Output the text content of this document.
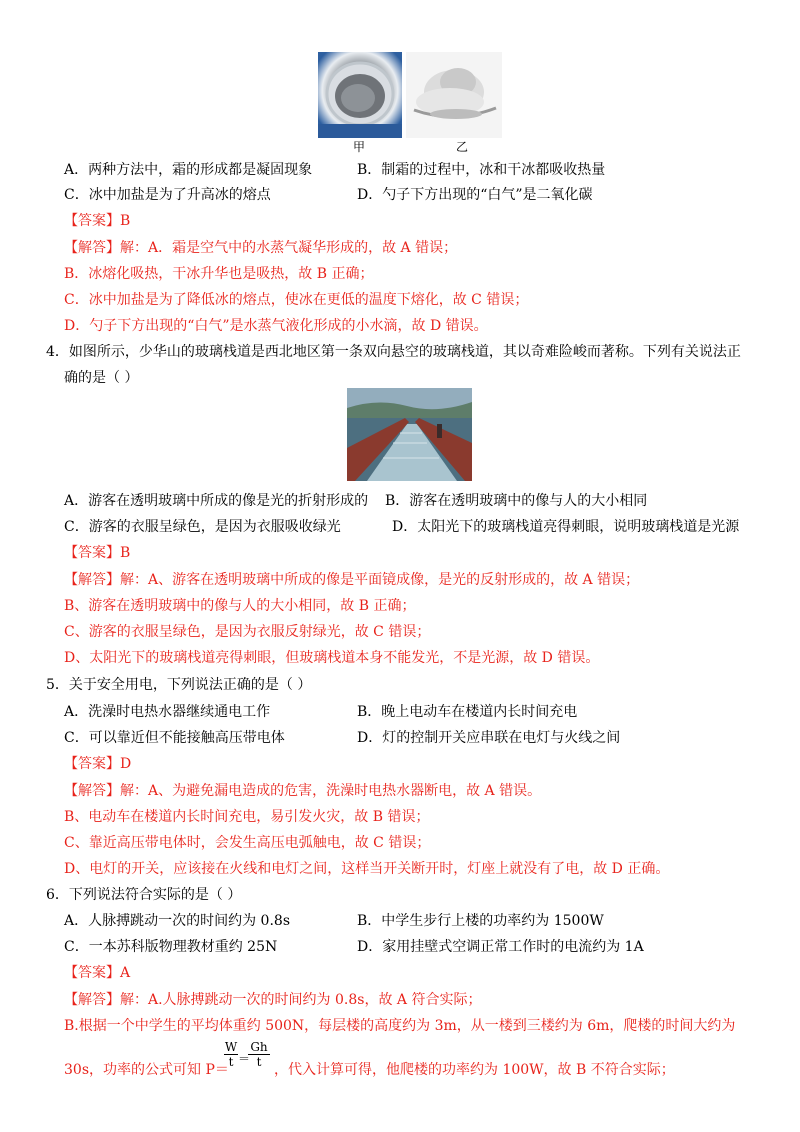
甲	乙
A．两种方法中，霜的形成都是凝固现象	B．制霜的过程中，冰和干冰都吸收热量
C．冰中加盐是为了升高冰的熔点	D．勺子下方出现的“白气”是二氧化碳
【答案】B
【解答】解：A．霜是空气中的水蒸气凝华形成的，故 A 错误；
B．冰熔化吸热，干冰升华也是吸热，故 B 正确；
C．冰中加盐是为了降低冰的熔点，使冰在更低的温度下熔化，故 C 错误；
D．勺子下方出现的“白气”是水蒸气液化形成的小水滴，故 D 错误。
4．如图所示，少华山的玻璃栈道是西北地区第一条双向悬空的玻璃栈道，其以奇难险峻而著称。下列有关说法正
确的是（ ）
A．游客在透明玻璃中所成的像是光的折射形成的 B．游客在透明玻璃中的像与人的大小相同
C．游客的衣服呈绿色，是因为衣服吸收绿光	D．太阳光下的玻璃栈道亮得刺眼，说明玻璃栈道是光源
【答案】B
【解答】解：A、游客在透明玻璃中所成的像是平面镜成像，是光的反射形成的，故 A 错误；
B、游客在透明玻璃中的像与人的大小相同，故 B 正确；
C、游客的衣服呈绿色，是因为衣服反射绿光，故 C 错误；
D、太阳光下的玻璃栈道亮得刺眼，但玻璃栈道本身不能发光，不是光源，故 D 错误。
5．关于安全用电，下列说法正确的是（ ）
A．洗澡时电热水器继续通电工作	B．晚上电动车在楼道内长时间充电
C．可以靠近但不能接触高压带电体	D．灯的控制开关应串联在电灯与火线之间
【答案】D
【解答】解：A、为避免漏电造成的危害，洗澡时电热水器断电，故 A 错误。
B、电动车在楼道内长时间充电，易引发火灾，故 B 错误；
C、靠近高压带电体时，会发生高压电弧触电，故 C 错误；
D、电灯的开关，应该接在火线和电灯之间，这样当开关断开时，灯座上就没有了电，故 D 正确。
6．下列说法符合实际的是（ ）
A．人脉搏跳动一次的时间约为 0.8s	B．中学生步行上楼的功率约为 1500W
C．一本苏科版物理教材重约 25N	D．家用挂壁式空调正常工作时的电流约为 1A
【答案】A
【解答】解：A.人脉搏跳动一次的时间约为 0.8s，故 A 符合实际；
B.根据一个中学生的平均体重约 500N，每层楼的高度约为 3m，从一楼到三楼约为 6m，爬楼的时间大约为
30s，功率的公式可知 P＝
$\frac{W}{t}$ ＝
$\frac{Gh}{t}$
，代入计算可得，他爬楼的功率约为 100W，故 B 不符合实际；
